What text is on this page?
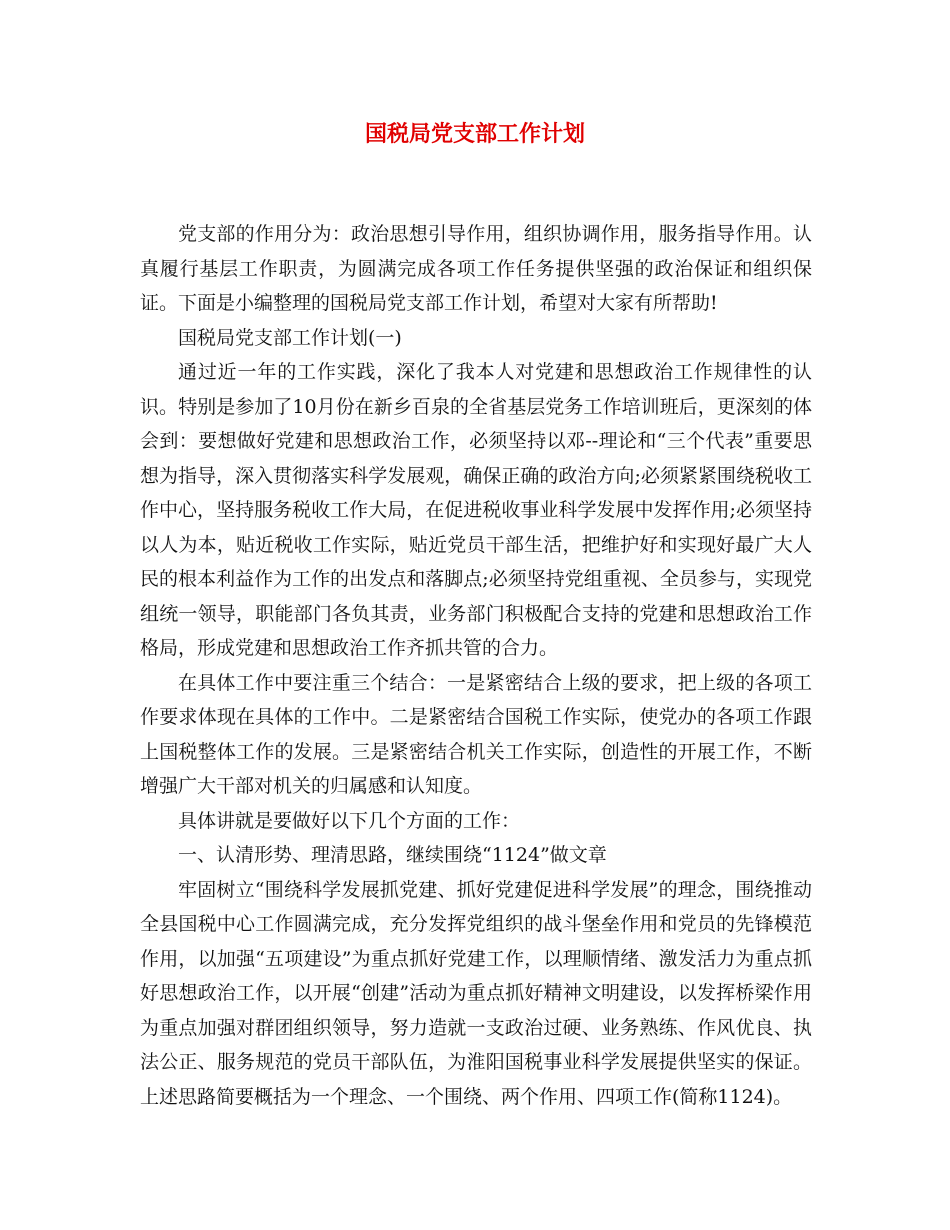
国税局党支部工作计划

党支部的作用分为：政治思想引导作用，组织协调作用，服务指导作用。认真履行基层工作职责，为圆满完成各项工作任务提供坚强的政治保证和组织保证。下面是小编整理的国税局党支部工作计划，希望对大家有所帮助!

国税局党支部工作计划(一)

通过近一年的工作实践，深化了我本人对党建和思想政治工作规律性的认识。特别是参加了10月份在新乡百泉的全省基层党务工作培训班后，更深刻的体会到：要想做好党建和思想政治工作，必须坚持以邓--理论和“三个代表”重要思想为指导，深入贯彻落实科学发展观，确保正确的政治方向;必须紧紧围绕税收工作中心，坚持服务税收工作大局，在促进税收事业科学发展中发挥作用;必须坚持以人为本，贴近税收工作实际，贴近党员干部生活，把维护好和实现好最广大人民的根本利益作为工作的出发点和落脚点;必须坚持党组重视、全员参与，实现党组统一领导，职能部门各负其责，业务部门积极配合支持的党建和思想政治工作格局，形成党建和思想政治工作齐抓共管的合力。

在具体工作中要注重三个结合：一是紧密结合上级的要求，把上级的各项工作要求体现在具体的工作中。二是紧密结合国税工作实际，使党办的各项工作跟上国税整体工作的发展。三是紧密结合机关工作实际，创造性的开展工作，不断增强广大干部对机关的归属感和认知度。

具体讲就是要做好以下几个方面的工作：

一、认清形势、理清思路，继续围绕“1124”做文章

牢固树立“围绕科学发展抓党建、抓好党建促进科学发展”的理念，围绕推动全县国税中心工作圆满完成，充分发挥党组织的战斗堡垒作用和党员的先锋模范作用，以加强“五项建设”为重点抓好党建工作，以理顺情绪、激发活力为重点抓好思想政治工作，以开展“创建”活动为重点抓好精神文明建设，以发挥桥梁作用为重点加强对群团组织领导，努力造就一支政治过硬、业务熟练、作风优良、执法公正、服务规范的党员干部队伍，为淮阳国税事业科学发展提供坚实的保证。上述思路简要概括为一个理念、一个围绕、两个作用、四项工作(简称1124)。
